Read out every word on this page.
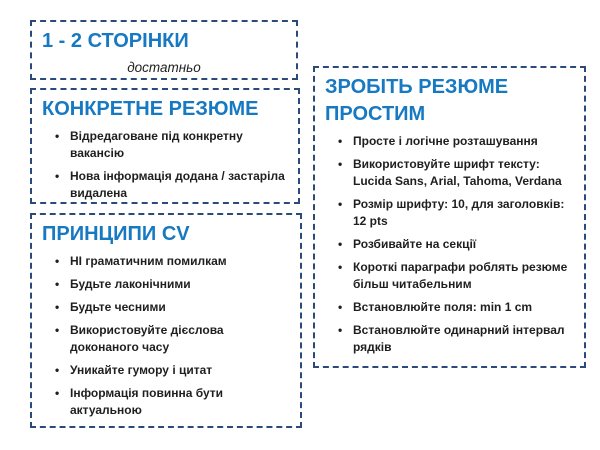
1 - 2 СТОРІНКИ
достатньо
КОНКРЕТНЕ РЕЗЮМЕ
• Відредаговане під конкретну вакансію
• Нова інформація додана / застаріла видалена
ПРИНЦИПИ CV
• НІ граматичним помилкам
• Будьте лаконічними
• Будьте чесними
• Використовуйте дієслова доконаного часу
• Уникайте гумору і цитат
• Інформація повинна бути актуальною
ЗРОБІТЬ РЕЗЮМЕ ПРОСТИМ
• Просте і логічне розташування
• Використовуйте шрифт тексту: Lucida Sans, Arial, Tahoma, Verdana
• Розмір шрифту: 10, для заголовків: 12 pts
• Розбивайте на секції
• Короткі параграфи роблять резюме більш читабельним
• Встановлюйте поля: min 1 cm
• Встановлюйте одинарний інтервал рядків
